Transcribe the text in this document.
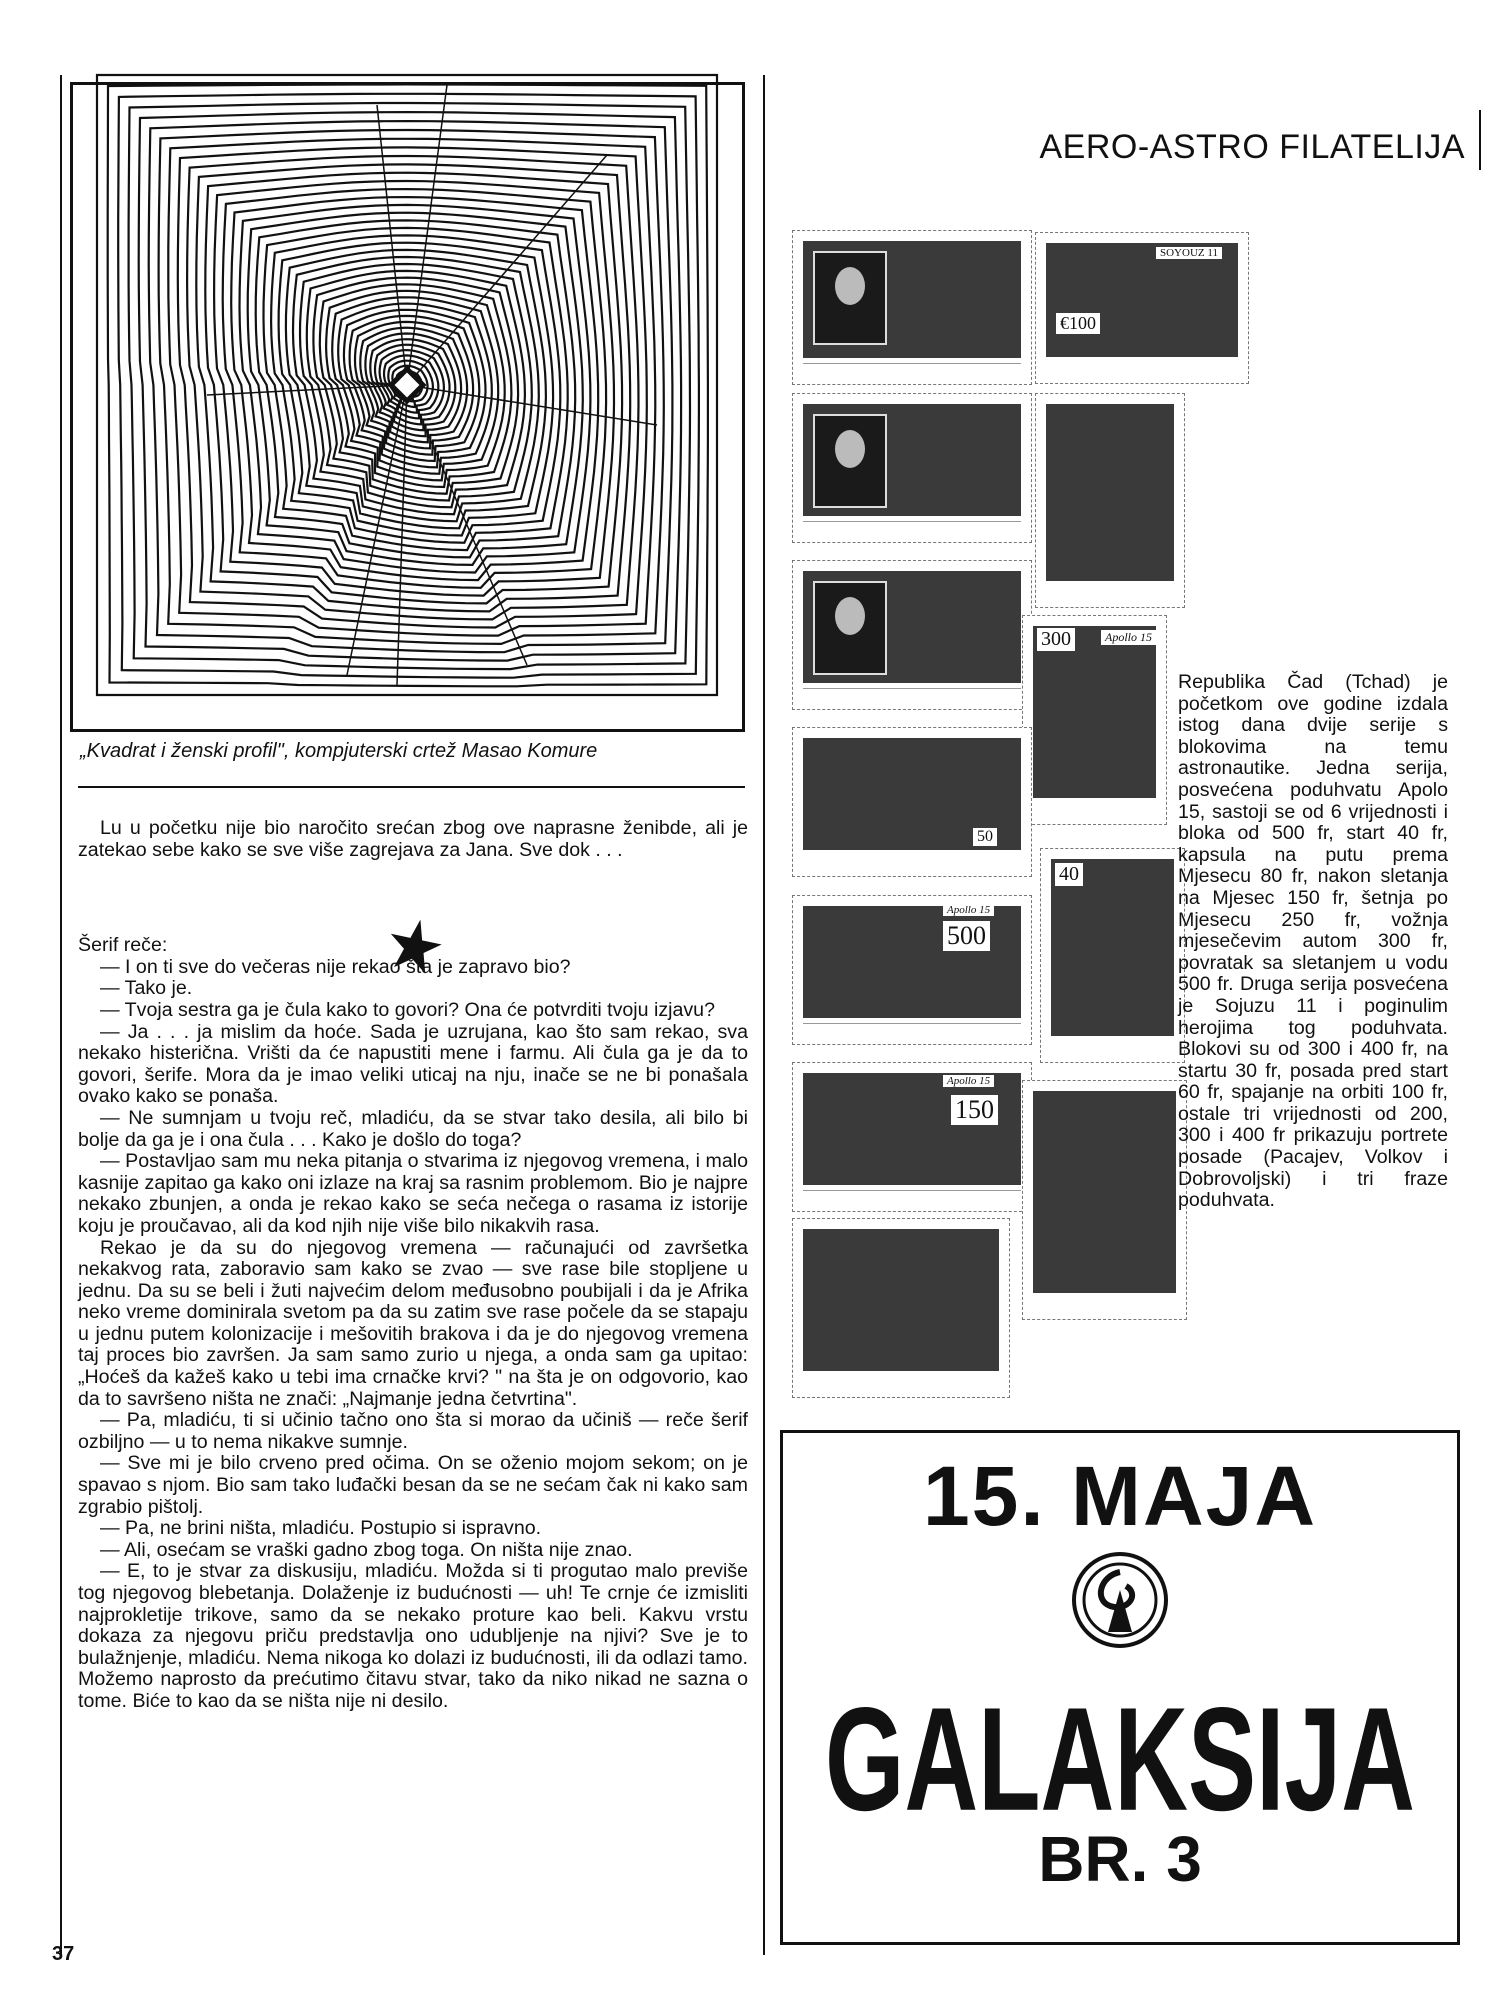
„Kvadrat i ženski profil", kompjuterski crtež Masao Komure

Lu u početku nije bio naročito srećan zbog ove naprasne ženibde, ali je zatekao sebe kako se sve više zagrejava za Jana. Sve dok . . .

Šerif reče:

— I on ti sve do večeras nije rekao šta je zapravo bio?

— Tako je.

— Tvoja sestra ga je čula kako to govori? Ona će potvrditi tvoju izjavu?

— Ja . . . ja mislim da hoće. Sada je uzrujana, kao što sam rekao, sva nekako histerična. Vrišti da će napustiti mene i farmu. Ali čula ga je da to govori, šerife. Mora da je imao veliki uticaj na nju, inače se ne bi ponašala ovako kako se ponaša.

— Ne sumnjam u tvoju reč, mladiću, da se stvar tako desila, ali bilo bi bolje da ga je i ona čula . . . Kako je došlo do toga?

— Postavljao sam mu neka pitanja o stvarima iz njegovog vremena, i malo kasnije zapitao ga kako oni izlaze na kraj sa rasnim problemom. Bio je najpre nekako zbunjen, a onda je rekao kako se seća nečega o rasama iz istorije koju je proučavao, ali da kod njih nije više bilo nikakvih rasa.

Rekao je da su do njegovog vremena — računajući od završetka nekakvog rata, zaboravio sam kako se zvao — sve rase bile stopljene u jednu. Da su se beli i žuti najvećim delom međusobno poubijali i da je Afrika neko vreme dominirala svetom pa da su zatim sve rase počele da se stapaju u jednu putem kolonizacije i mešovitih brakova i da je do njegovog vremena taj proces bio završen. Ja sam samo zurio u njega, a onda sam ga upitao: „Hoćeš da kažeš kako u tebi ima crnačke krvi? " na šta je on odgovorio, kao da to savršeno ništa ne znači: „Najmanje jedna četvrtina".

— Pa, mladiću, ti si učinio tačno ono šta si morao da učiniš — reče šerif ozbiljno — u to nema nikakve sumnje.

— Sve mi je bilo crveno pred očima. On se oženio mojom sekom; on je spavao s njom. Bio sam tako luđački besan da se ne sećam čak ni kako sam zgrabio pištolj.

— Pa, ne brini ništa, mladiću. Postupio si ispravno.

— Ali, osećam se vraški gadno zbog toga. On ništa nije znao.

— E, to je stvar za diskusiju, mladiću. Možda si ti progutao malo previše tog njegovog blebetanja. Dolaženje iz budućnosti — uh! Te crnje će izmisliti najprokletije trikove, samo da se nekako proture kao beli. Kakvu vrstu dokaza za njegovu priču predstavlja ono udubljenje na njivi? Sve je to bulažnjenje, mladiću. Nema nikoga ko dolazi iz budućnosti, ili da odlazi tamo. Možemo naprosto da prećutimo čitavu stvar, tako da niko nikad ne sazna o tome. Biće to kao da se ništa nije ni desilo.

37
AERO-ASTRO FILATELIJA
€100
SOYOUZ 11
300	Apollo 15
50
40
500
Apollo 15
150
Apollo 15
Republika Čad (Tchad) je početkom ove godine izdala istog dana dvije serije s blokovima na temu astronautike. Jedna serija, posvećena poduhvatu Apolo 15, sastoji se od 6 vrijednosti i bloka od 500 fr, start 40 fr, kapsula na putu prema Mjesecu 80 fr, nakon sletanja na Mjesec 150 fr, šetnja po Mjesecu 250 fr, vožnja mjesečevim autom 300 fr, povratak sa sletanjem u vodu 500 fr. Druga serija posvećena je Sojuzu 11 i poginulim herojima tog poduhvata. Blokovi su od 300 i 400 fr, na startu 30 fr, posada pred start 60 fr, spajanje na orbiti 100 fr, ostale tri vrijednosti od 200, 300 i 400 fr prikazuju portrete posade (Pacajev, Volkov i Dobrovoljski) i tri fraze poduhvata.
15. MAJA
GALAKSIJA
BR. 3
